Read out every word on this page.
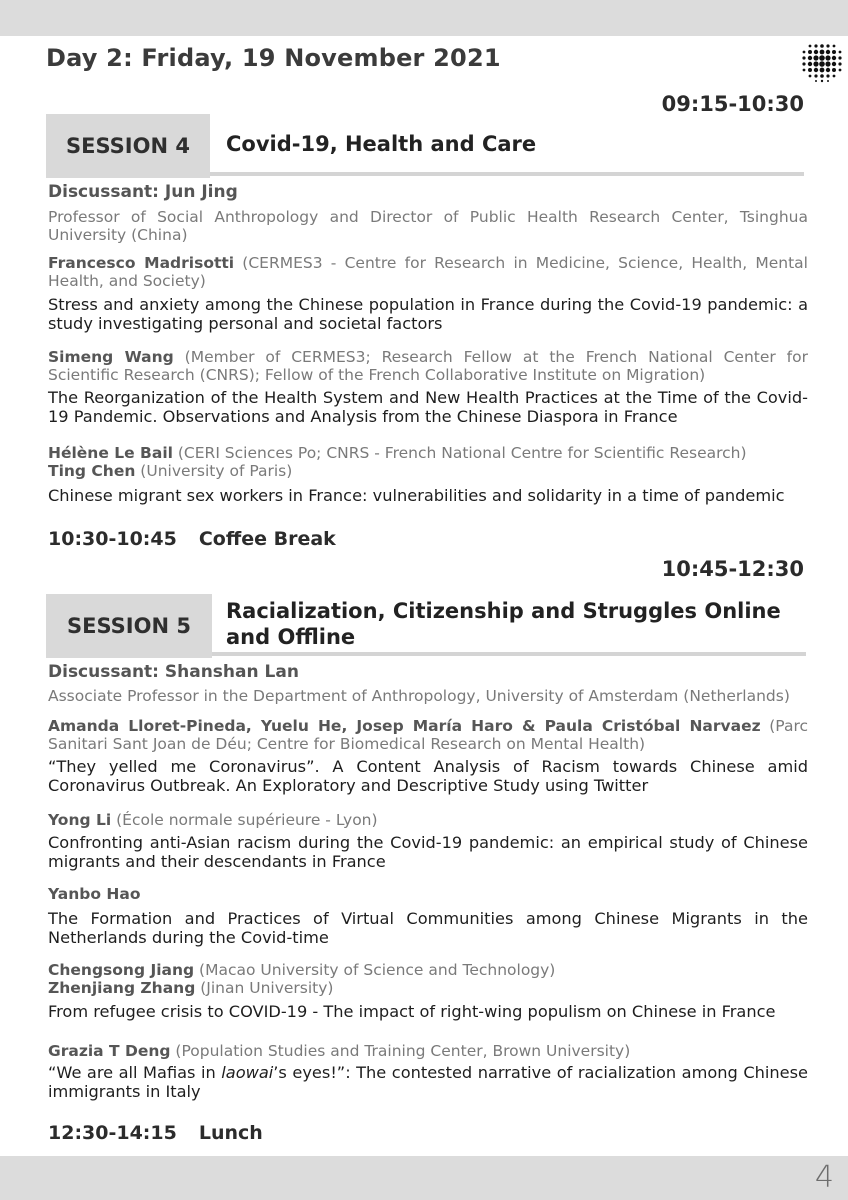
Day 2: Friday, 19 November 2021
09:15-10:30
SESSION 4	Covid-19, Health and Care
Discussant: Jun Jing
Professor of Social Anthropology and Director of Public Health Research Center, Tsinghua University (China)
Francesco Madrisotti (CERMES3 - Centre for Research in Medicine, Science, Health, Mental Health, and Society)
Stress and anxiety among the Chinese population in France during the Covid-19 pandemic: a study investigating personal and societal factors
Simeng Wang (Member of CERMES3; Research Fellow at the French National Center for Scientific Research (CNRS); Fellow of the French Collaborative Institute on Migration)
The Reorganization of the Health System and New Health Practices at the Time of the Covid-19 Pandemic. Observations and Analysis from the Chinese Diaspora in France
Hélène Le Bail (CERI Sciences Po; CNRS - French National Centre for Scientific Research)
Ting Chen (University of Paris)
Chinese migrant sex workers in France: vulnerabilities and solidarity in a time of pandemic
10:30-10:45 Coffee Break
10:45-12:30
SESSION 5
Racialization, Citizenship and Struggles Online
and Offline
Discussant: Shanshan Lan
Associate Professor in the Department of Anthropology, University of Amsterdam (Netherlands)
Amanda Lloret-Pineda, Yuelu He, Josep María Haro & Paula Cristóbal Narvaez (Parc Sanitari Sant Joan de Déu; Centre for Biomedical Research on Mental Health)
“They yelled me Coronavirus”. A Content Analysis of Racism towards Chinese amid Coronavirus Outbreak. An Exploratory and Descriptive Study using Twitter
Yong Li (École normale supérieure - Lyon)
Confronting anti-Asian racism during the Covid-19 pandemic: an empirical study of Chinese migrants and their descendants in France
Yanbo Hao
The Formation and Practices of Virtual Communities among Chinese Migrants in the Netherlands during the Covid-time
Chengsong Jiang (Macao University of Science and Technology)
Zhenjiang Zhang (Jinan University)
From refugee crisis to COVID-19 - The impact of right-wing populism on Chinese in France
Grazia T Deng (Population Studies and Training Center, Brown University)
“We are all Mafias in laowai’s eyes!”: The contested narrative of racialization among Chinese immigrants in Italy
12:30-14:15 Lunch
4
